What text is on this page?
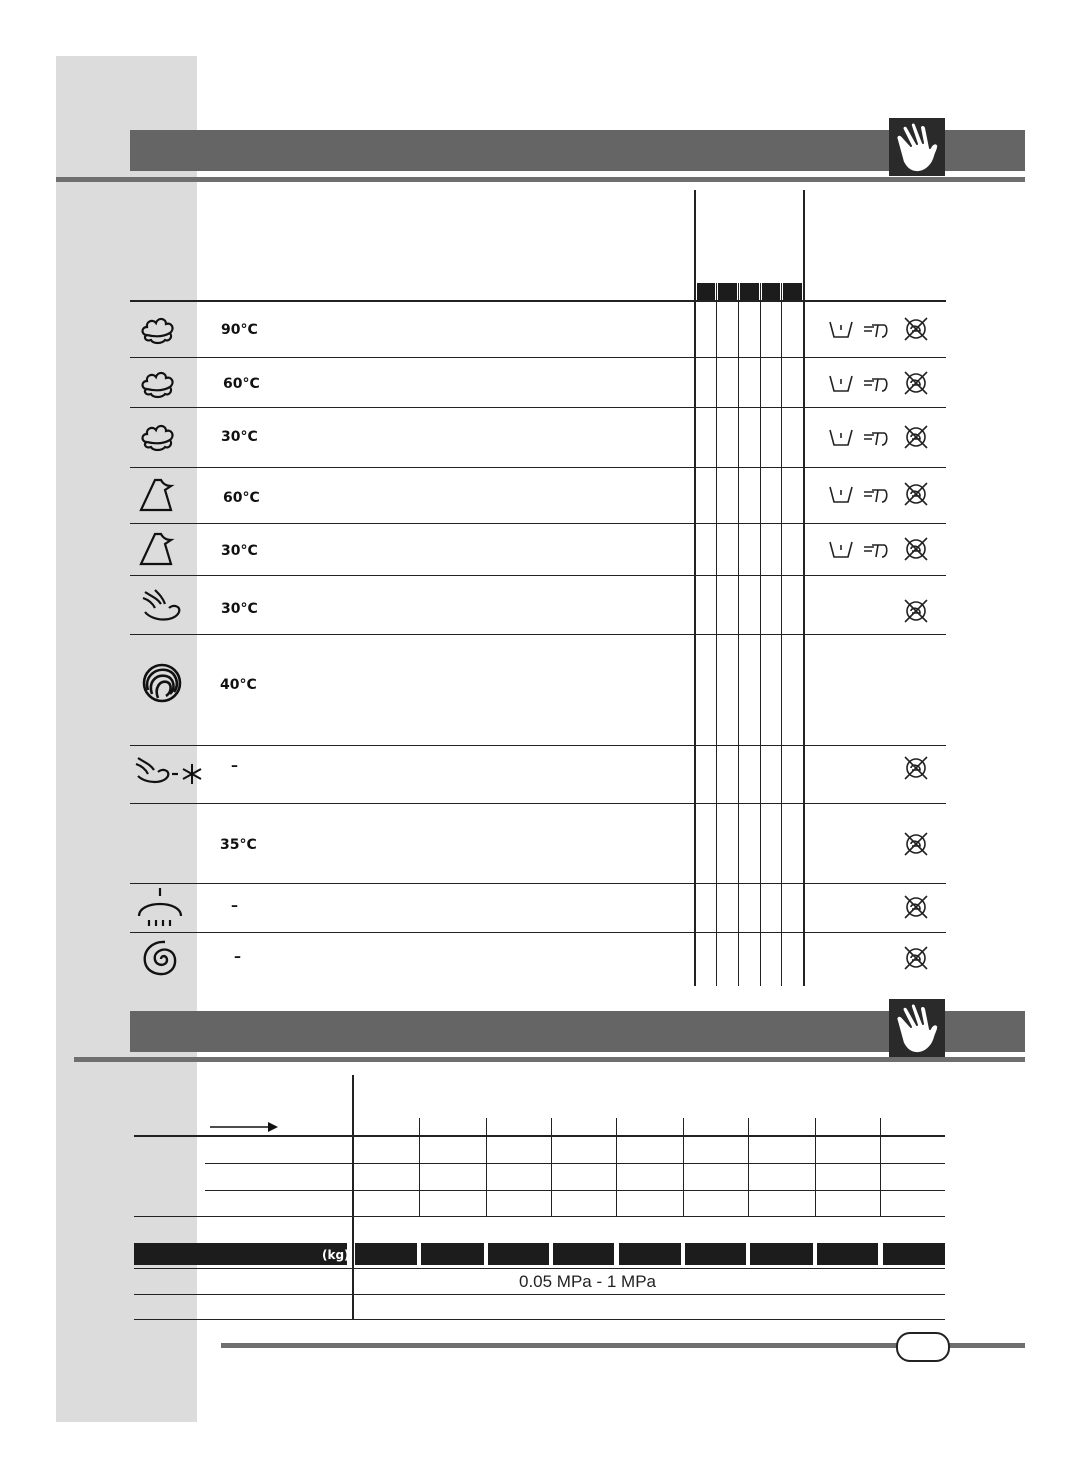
90°C
60°C
30°C
60°C
30°C
30°C
40°C
–
35°C
–
–
(kg)
0.05 MPa - 1 MPa
